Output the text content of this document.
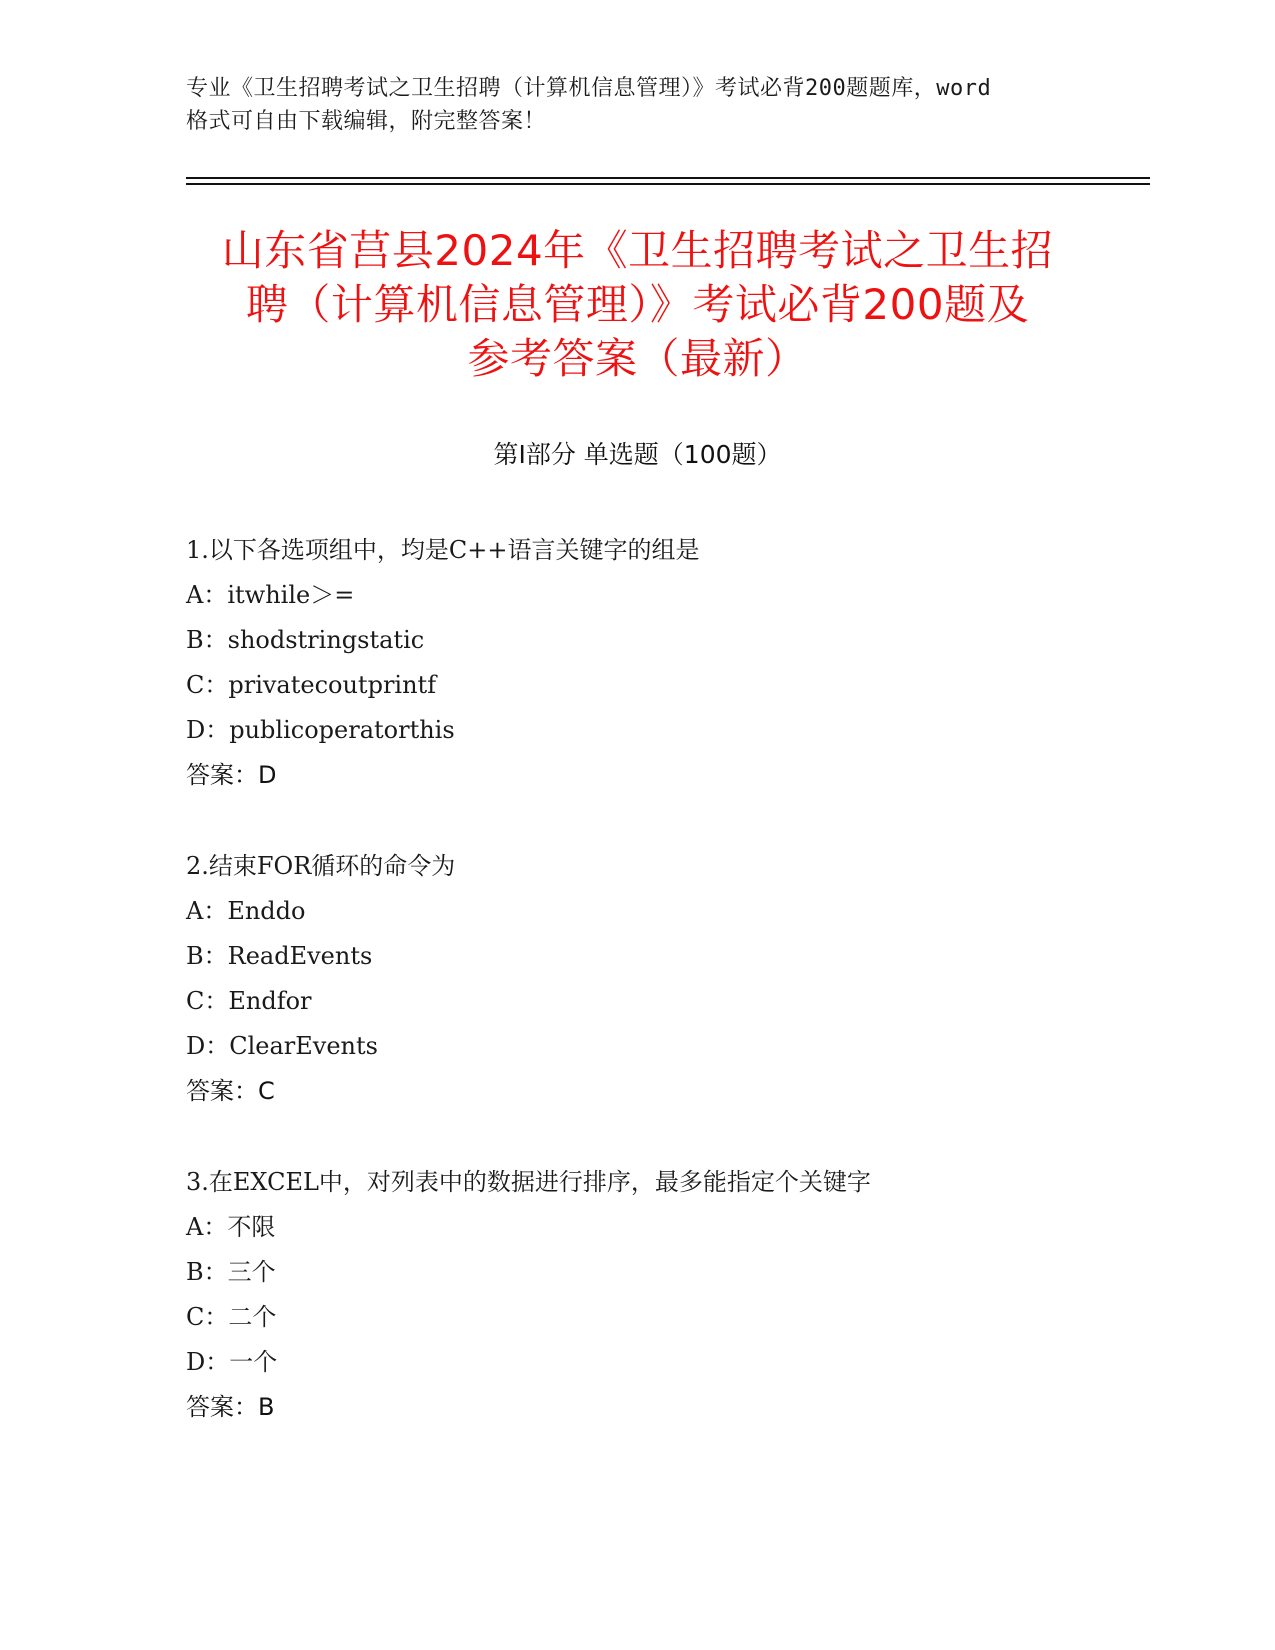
专业《卫生招聘考试之卫生招聘（计算机信息管理）》考试必背200题题库，word
格式可自由下载编辑，附完整答案！
山东省莒县2024年《卫生招聘考试之卫生招
聘（计算机信息管理）》考试必背200题及
参考答案（最新）
第Ⅰ部分 单选题（100题）
1.以下各选项组中，均是C++语言关键字的组是
A：itwhile＞=
B：shodstringstatic
C：privatecoutprintf
D：publicoperatorthis
答案：D
2.结束FOR循环的命令为
A：Enddo
B：ReadEvents
C：Endfor
D：ClearEvents
答案：C
3.在EXCEL中，对列表中的数据进行排序，最多能指定个关键字
A：不限
B：三个
C：二个
D：一个
答案：B
